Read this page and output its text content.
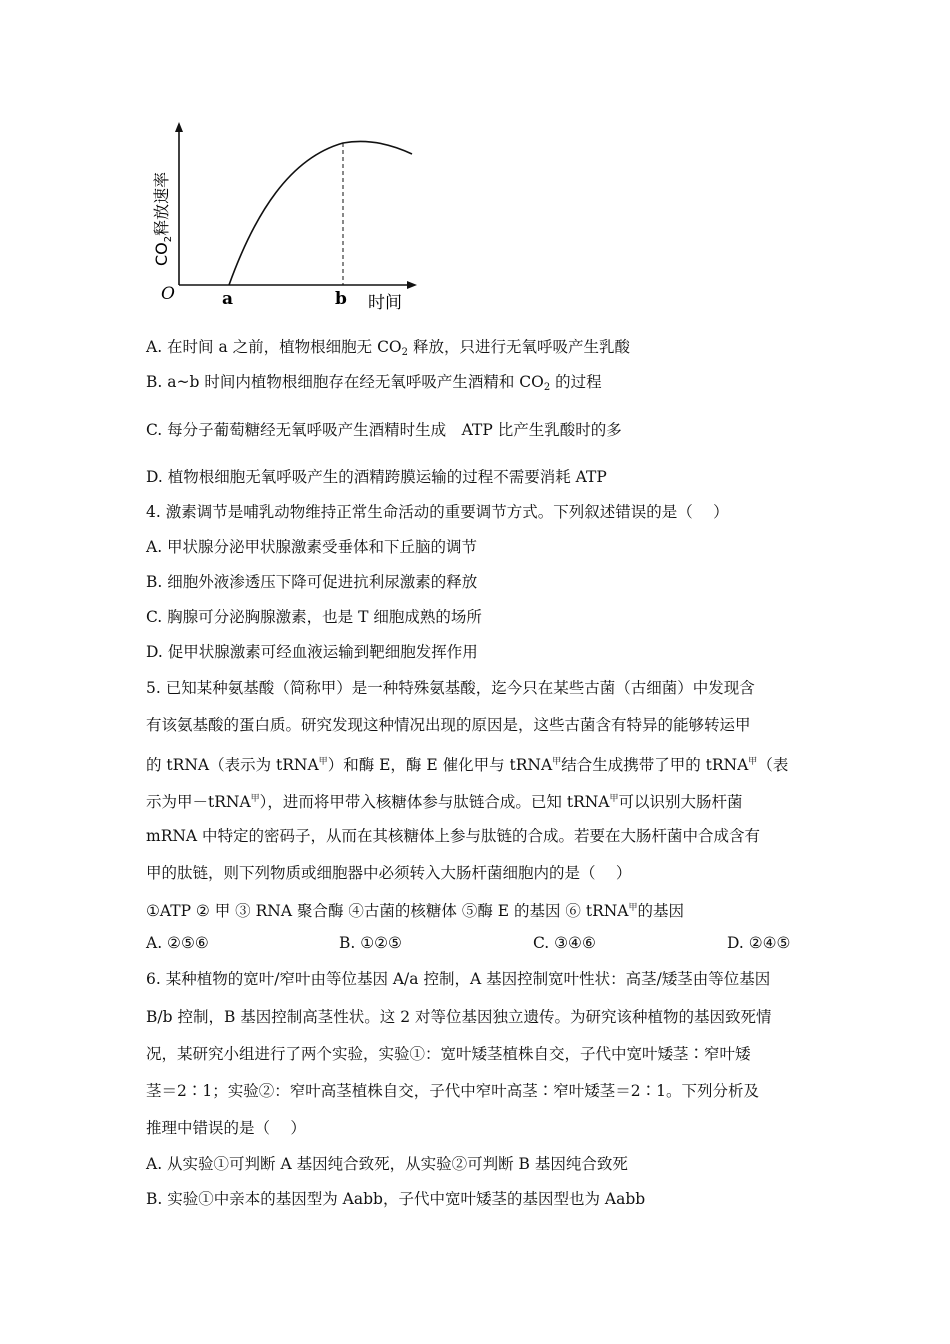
O	a	b 时间
$CO_2$释放速率
A. 在时间 a 之前，植物根细胞无 $CO_2$ 释放，只进行无氧呼吸产生乳酸
B. a~b 时间内植物根细胞存在经无氧呼吸产生酒精和 $CO_2$ 的过程
C. 每分子葡萄糖经无氧呼吸产生酒精时生成　ATP 比产生乳酸时的多
D. 植物根细胞无氧呼吸产生的酒精跨膜运输的过程不需要消耗 ATP
4. 激素调节是哺乳动物维持正常生命活动的重要调节方式。下列叙述错误的是（　 ）
A. 甲状腺分泌甲状腺激素受垂体和下丘脑的调节
B. 细胞外液渗透压下降可促进抗利尿激素的释放
C. 胸腺可分泌胸腺激素，也是 T 细胞成熟的场所
D. 促甲状腺激素可经血液运输到靶细胞发挥作用
5. 已知某种氨基酸（简称甲）是一种特殊氨基酸，迄今只在某些古菌（古细菌）中发现含
有该氨基酸的蛋白质。研究发现这种情况出现的原因是，这些古菌含有特异的能够转运甲
的 tRNA（表示为 tRNA$^甲$）和酶 E，酶 E 催化甲与 tRNA$^甲$结合生成携带了甲的 tRNA$^甲$（表
示为甲－tRNA$^甲$），进而将甲带入核糖体参与肽链合成。已知 tRNA$^甲$可以识别大肠杆菌
mRNA 中特定的密码子，从而在其核糖体上参与肽链的合成。若要在大肠杆菌中合成含有
甲的肽链，则下列物质或细胞器中必须转入大肠杆菌细胞内的是（　 ）
①ATP ② 甲 ③ RNA 聚合酶 ④古菌的核糖体 ⑤酶 E 的基因 ⑥ tRNA$^甲$的基因
A. ②⑤⑥	B. ①②⑤	C. ③④⑥	D. ②④⑤
6. 某种植物的宽叶/窄叶由等位基因 A/a 控制，A 基因控制宽叶性状：高茎/矮茎由等位基因
B/b 控制，B 基因控制高茎性状。这 2 对等位基因独立遗传。为研究该种植物的基因致死情
况，某研究小组进行了两个实验，实验①：宽叶矮茎植株自交，子代中宽叶矮茎∶窄叶矮
茎＝2∶1；实验②：窄叶高茎植株自交，子代中窄叶高茎∶窄叶矮茎＝2∶1。下列分析及
推理中错误的是（　 ）
A. 从实验①可判断 A 基因纯合致死，从实验②可判断 B 基因纯合致死
B. 实验①中亲本的基因型为 Aabb，子代中宽叶矮茎的基因型也为 Aabb
